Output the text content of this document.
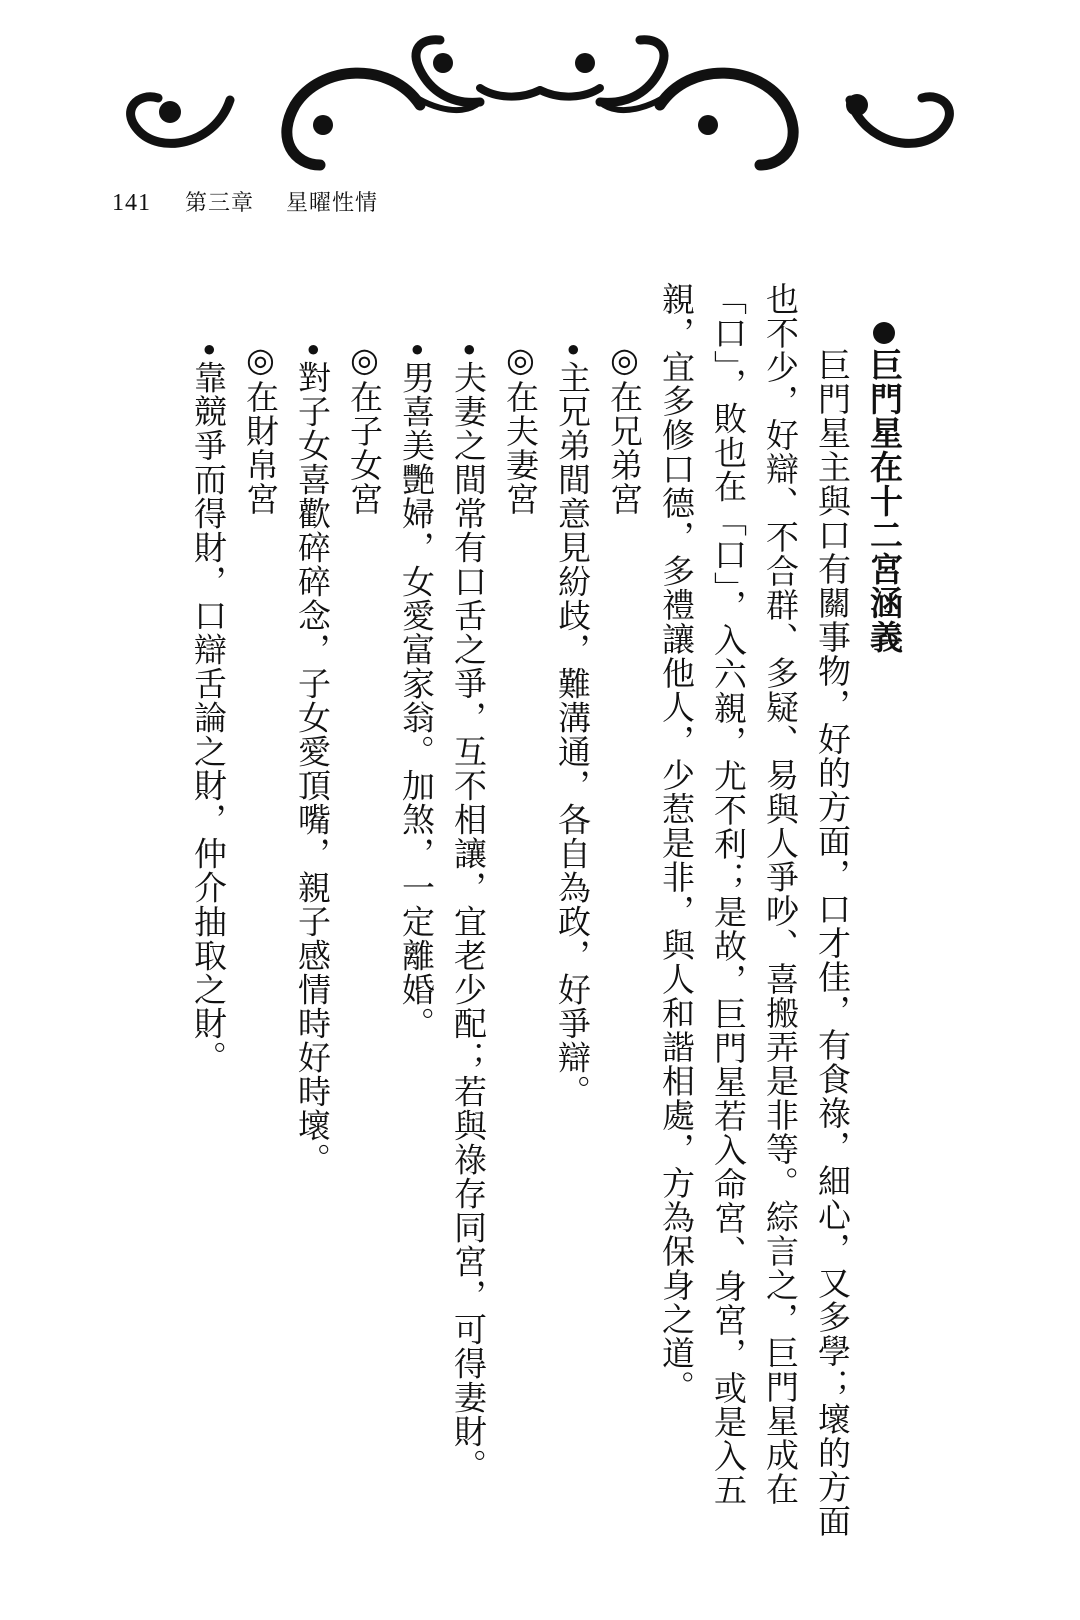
141 第三章 星曜性情

巨門星在十二宮涵義

巨門星主與口有關事物，好的方面，口才佳，有食祿，細心，又多學；壞的方面也不少，好辯、不合群、多疑、易與人爭吵、喜搬弄是非等。綜言之，巨門星成在「口」，敗也在「口」，入六親，尤不利；是故，巨門星若入命宮、身宮，或是入五親，宜多修口德，多禮讓他人，少惹是非，與人和諧相處，方為保身之道。

◎在兄弟宮

•主兄弟間意見紛歧，難溝通，各自為政，好爭辯。

◎在夫妻宮

•夫妻之間常有口舌之爭，互不相讓，宜老少配；若與祿存同宮，可得妻財。

•男喜美艷婦，女愛富家翁。加煞，一定離婚。

◎在子女宮

•對子女喜歡碎碎念，子女愛頂嘴，親子感情時好時壞。

◎在財帛宮

•靠競爭而得財，口辯舌論之財，仲介抽取之財。
